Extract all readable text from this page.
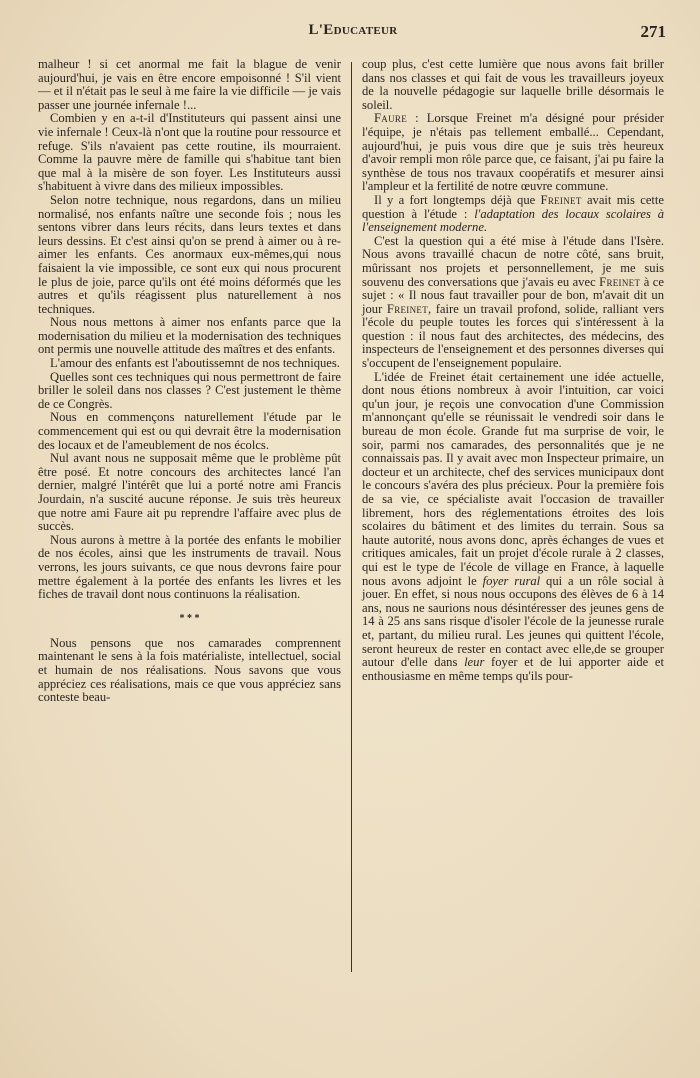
L'Educateur	271

malheur ! si cet anormal me fait la blague de venir aujourd'hui, je vais en être encore empoisonné ! S'il vient — et il n'était pas le seul à me faire la vie difficile — je vais passer une journée infernale !...

Combien y en a-t-il d'Instituteurs qui passent ainsi une vie infernale ! Ceux-là n'ont que la routine pour ressource et refuge. S'ils n'avaient pas cette routine, ils mourraient. Comme la pauvre mère de famille qui s'habitue tant bien que mal à la misère de son foyer. Les Instituteurs aussi s'habituent à vivre dans des milieux impossibles.

Selon notre technique, nous regardons, dans un milieu normalisé, nos enfants naître une seconde fois ; nous les sentons vibrer dans leurs récits, dans leurs textes et dans leurs dessins. Et c'est ainsi qu'on se prend à aimer ou à re-aimer les enfants. Ces anormaux eux-mêmes,qui nous faisaient la vie impossible, ce sont eux qui nous procurent le plus de joie, parce qu'ils ont été moins déformés que les autres et qu'ils réagissent plus naturellement à nos techniques.

Nous nous mettons à aimer nos enfants parce que la modernisation du milieu et la modernisation des techniques ont permis une nouvelle attitude des maîtres et des enfants.

L'amour des enfants est l'aboutissemnt de nos techniques.

Quelles sont ces techniques qui nous permettront de faire briller le soleil dans nos classes ? C'est justement le thème de ce Congrès.

Nous en commençons naturellement l'étude par le commencement qui est ou qui devrait être la modernisation des locaux et de l'ameublement de nos écolcs.

Nul avant nous ne supposait même que le problème pût être posé. Et notre concours des architectes lancé l'an dernier, malgré l'intérêt que lui a porté notre ami Francis Jourdain, n'a suscité aucune réponse. Je suis très heureux que notre ami Faure ait pu reprendre l'affaire avec plus de succès.

Nous aurons à mettre à la portée des enfants le mobilier de nos écoles, ainsi que les instruments de travail. Nous verrons, les jours suivants, ce que nous devrons faire pour mettre également à la portée des enfants les livres et les fiches de travail dont nous continuons la réalisation.

* * *

Nous pensons que nos camarades comprennent maintenant le sens à la fois matérialiste, intellectuel, social et humain de nos réalisations. Nous savons que vous appréciez ces réalisations, mais ce que vous appréciez sans conteste beau-

coup plus, c'est cette lumière que nous avons fait briller dans nos classes et qui fait de vous les travailleurs joyeux de la nouvelle pédagogie sur laquelle brille désormais le soleil.

Faure : Lorsque Freinet m'a désigné pour présider l'équipe, je n'étais pas tellement emballé... Cependant, aujourd'hui, je puis vous dire que je suis très heureux d'avoir rempli mon rôle parce que, ce faisant, j'ai pu faire la synthèse de tous nos travaux coopératifs et mesurer ainsi l'ampleur et la fertilité de notre œuvre commune.

Il y a fort longtemps déjà que Freinet avait mis cette question à l'étude : l'adaptation des locaux scolaires à l'enseignement moderne.

C'est la question qui a été mise à l'étude dans l'Isère. Nous avons travaillé chacun de notre côté, sans bruit, mûrissant nos projets et personnellement, je me suis souvenu des conversations que j'avais eu avec Freinet à ce sujet : « Il nous faut travailler pour de bon, m'avait dit un jour Freinet, faire un travail profond, solide, ralliant vers l'école du peuple toutes les forces qui s'intéressent à la question : il nous faut des architectes, des médecins, des inspecteurs de l'enseignement et des personnes diverses qui s'occupent de l'enseignement populaire.

L'idée de Freinet était certainement une idée actuelle, dont nous étions nombreux à avoir l'intuition, car voici qu'un jour, je reçois une convocation d'une Commission m'annonçant qu'elle se réunissait le vendredi soir dans le bureau de mon école. Grande fut ma surprise de voir, le soir, parmi nos camarades, des personnalités que je ne connaissais pas. Il y avait avec mon Inspecteur primaire, un docteur et un architecte, chef des services municipaux dont le concours s'avéra des plus précieux. Pour la première fois de sa vie, ce spécialiste avait l'occasion de travailler librement, hors des réglementations étroites des lois scolaires du bâtiment et des limites du terrain. Sous sa haute autorité, nous avons donc, après échanges de vues et critiques amicales, fait un projet d'école rurale à 2 classes, qui est le type de l'école de village en France, à laquelle nous avons adjoint le foyer rural qui a un rôle social à jouer. En effet, si nous nous occupons des élèves de 6 à 14 ans, nous ne saurions nous désintéresser des jeunes gens de 14 à 25 ans sans risque d'isoler l'école de la jeunesse rurale et, partant, du milieu rural. Les jeunes qui quittent l'école, seront heureux de rester en contact avec elle,de se grouper autour d'elle dans leur foyer et de lui apporter aide et enthousiasme en même temps qu'ils pour-
